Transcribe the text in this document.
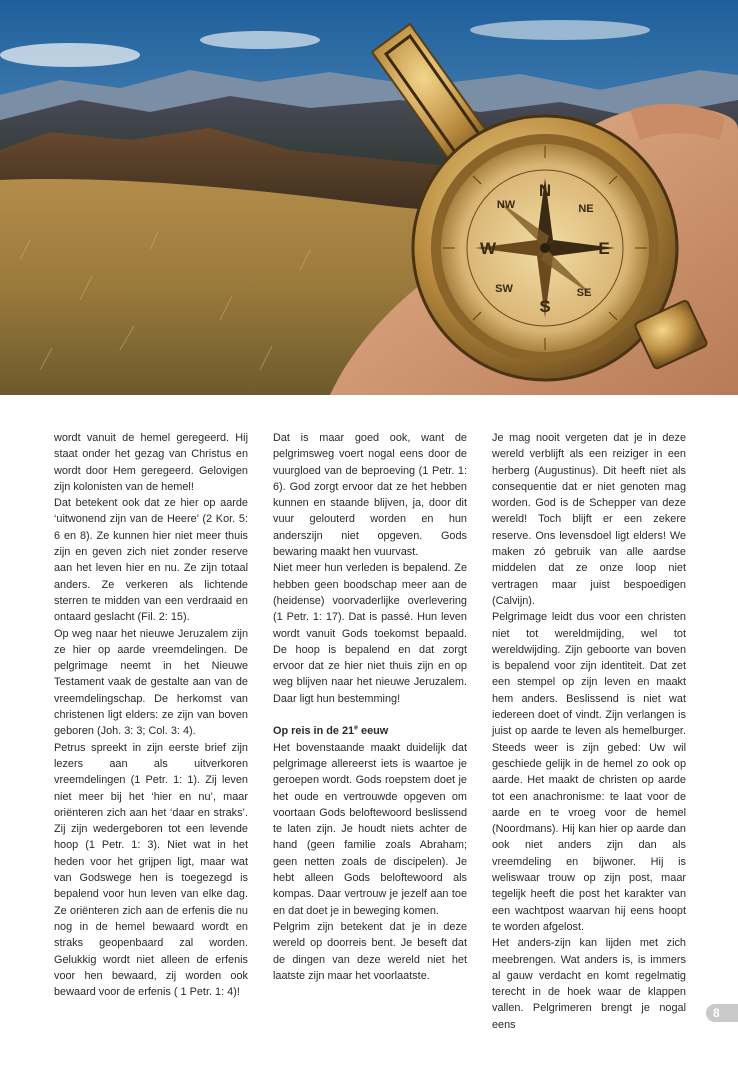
N
S
W	E
NW	NE
SE
SW

wordt vanuit de hemel geregeerd. Hij staat onder het gezag van Christus en wordt door Hem geregeerd. Gelovigen zijn kolonisten van de hemel!

Dat betekent ook dat ze hier op aarde ‘uitwonend zijn van de Heere’ (2 Kor. 5: 6 en 8). Ze kunnen hier niet meer thuis zijn en geven zich niet zonder reserve aan het leven hier en nu. Ze zijn totaal anders. Ze verkeren als lichtende sterren te midden van een verdraaid en ontaard geslacht (Fil. 2: 15).

Op weg naar het nieuwe Jeruzalem zijn ze hier op aarde vreemdelingen. De pelgrimage neemt in het Nieuwe Testament vaak de gestalte aan van de vreemdelingschap. De herkomst van christenen ligt elders: ze zijn van boven geboren (Joh. 3: 3; Col. 3: 4).

Petrus spreekt in zijn eerste brief zijn lezers aan als uitverkoren vreemdelingen (1 Petr. 1: 1). Zij leven niet meer bij het ‘hier en nu’, maar oriënteren zich aan het ‘daar en straks’. Zij zijn wedergeboren tot een levende hoop (1 Petr. 1: 3). Niet wat in het heden voor het grijpen ligt, maar wat van Godswege hen is toegezegd is bepalend voor hun leven van elke dag. Ze oriënteren zich aan de erfenis die nu nog in de hemel bewaard wordt en straks geopenbaard zal worden. Gelukkig wordt niet alleen de erfenis voor hen bewaard, zij worden ook bewaard voor de erfenis ( 1 Petr. 1: 4)!

Dat is maar goed ook, want de pelgrimsweg voert nogal eens door de vuurgloed van de beproeving (1 Petr. 1: 6). God zorgt ervoor dat ze het hebben kunnen en staande blijven, ja, door dit vuur gelouterd worden en hun anderszijn niet opgeven. Gods bewaring maakt hen vuurvast.

Niet meer hun verleden is bepalend. Ze hebben geen boodschap meer aan de (heidense) voorvaderlijke overlevering (1 Petr. 1: 17). Dat is passé. Hun leven wordt vanuit Gods toekomst bepaald. De hoop is bepalend en dat zorgt ervoor dat ze hier niet thuis zijn en op weg blijven naar het nieuwe Jeruzalem. Daar ligt hun bestemming!

Op reis in de 21e eeuw

Het bovenstaande maakt duidelijk dat pelgrimage allereerst iets is waartoe je geroepen wordt. Gods roepstem doet je het oude en vertrouwde opgeven om voortaan Gods beloftewoord beslissend te laten zijn. Je houdt niets achter de hand (geen familie zoals Abraham; geen netten zoals de discipelen). Je hebt alleen Gods beloftewoord als kompas. Daar vertrouw je jezelf aan toe en dat doet je in beweging komen.

Pelgrim zijn betekent dat je in deze wereld op doorreis bent. Je beseft dat de dingen van deze wereld niet het laatste zijn maar het voorlaatste.

Je mag nooit vergeten dat je in deze wereld verblijft als een reiziger in een herberg (Augustinus). Dit heeft niet als consequentie dat er niet genoten mag worden. God is de Schepper van deze wereld! Toch blijft er een zekere reserve. Ons levensdoel ligt elders! We maken zó gebruik van alle aardse middelen dat ze onze loop niet vertragen maar juist bespoedigen (Calvijn).

Pelgrimage leidt dus voor een christen niet tot wereldmijding, wel tot wereldwijding. Zijn geboorte van boven is bepalend voor zijn identiteit. Dat zet een stempel op zijn leven en maakt hem anders. Beslissend is niet wat iedereen doet of vindt. Zijn verlangen is juist op aarde te leven als hemelburger. Steeds weer is zijn gebed: Uw wil geschiede gelijk in de hemel zo ook op aarde. Het maakt de christen op aarde tot een anachronisme: te laat voor de aarde en te vroeg voor de hemel (Noordmans). Hij kan hier op aarde dan ook niet anders zijn dan als vreemdeling en bijwoner. Hij is weliswaar trouw op zijn post, maar tegelijk heeft die post het karakter van een wachtpost waarvan hij eens hoopt te worden afgelost.

Het anders-zijn kan lijden met zich meebrengen. Wat anders is, is immers al gauw verdacht en komt regelmatig terecht in de hoek waar de klappen vallen. Pelgrimeren brengt je nogal eens

8
